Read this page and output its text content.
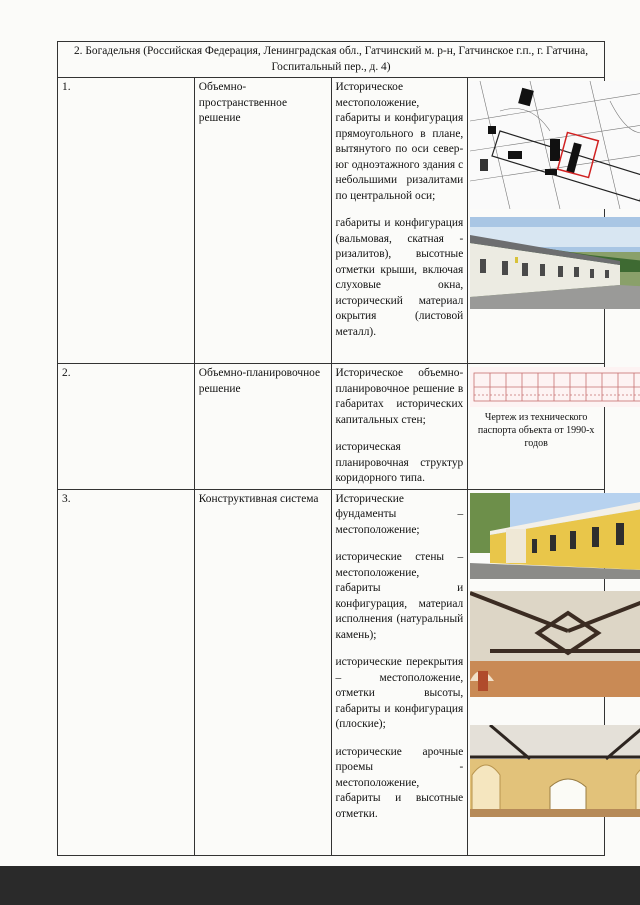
2. Богадельня (Российская Федерация, Ленинградская обл., Гатчинский м. р-н, Гатчинское г.п., г. Гатчина, Госпитальный пер., д. 4)			
1.	Объемно-пространственное решение	Историческое местоположение, габариты и конфигурация прямоугольного в плане, вытянутого по оси север-юг одноэтажного здания с небольшими ризалитами по центральной оси;

габариты и конфигурация (вальмовая, скатная - ризалитов), высотные отметки крыши, включая слуховые окна, исторический материал окрытия (листовой металл).

2.	Объемно-планировочное решение	Историческое объемно-планировочное решение в габаритах исторических капитальных стен;

историческая планировочная структур коридорного типа.	Чертеж из технического паспорта объекта от 1990-х годов

3.	Конструктивная система	Исторические фундаменты – местоположение;

исторические стены – местоположение, габариты и конфигурация, материал исполнения (натуральный камень);

исторические перекрытия – местоположение, отметки высоты, габариты и конфигурация (плоские);

исторические арочные проемы - местоположение, габариты и высотные отметки.
